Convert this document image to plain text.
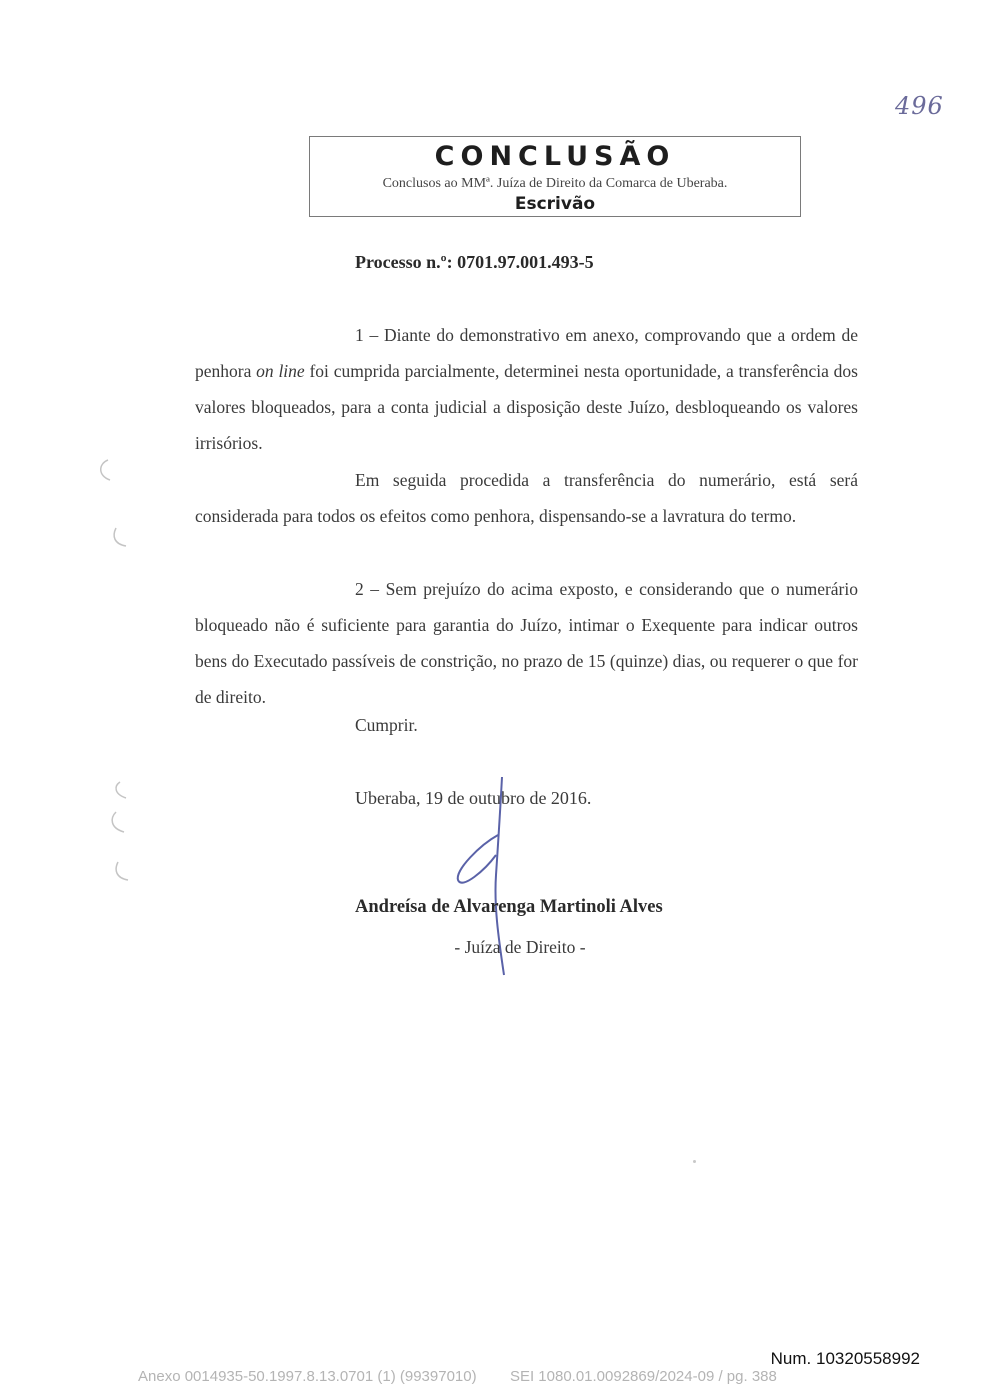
496
CONCLUSÃO
Conclusos ao MMª. Juíza de Direito da Comarca de Uberaba.
Escrivão
Processo n.º: 0701.97.001.493-5
1 – Diante do demonstrativo em anexo, comprovando que a ordem de penhora on line foi cumprida parcialmente, determinei nesta oportunidade, a transferência dos valores bloqueados, para a conta judicial a disposição deste Juízo, desbloqueando os valores irrisórios.
Em seguida procedida a transferência do numerário, está será considerada para todos os efeitos como penhora, dispensando-se a lavratura do termo.
2 – Sem prejuízo do acima exposto, e considerando que o numerário bloqueado não é suficiente para garantia do Juízo, intimar o Exequente para indicar outros bens do Executado passíveis de constrição, no prazo de 15 (quinze) dias, ou requerer o que for de direito.
Cumprir.
Uberaba, 19 de outubro de 2016.
Andreísa de Alvarenga Martinoli Alves
- Juíza de Direito -
Num. 10320558992
Anexo 0014935-50.1997.8.13.0701 (1) (99397010)        SEI 1080.01.0092869/2024-09 / pg. 388
